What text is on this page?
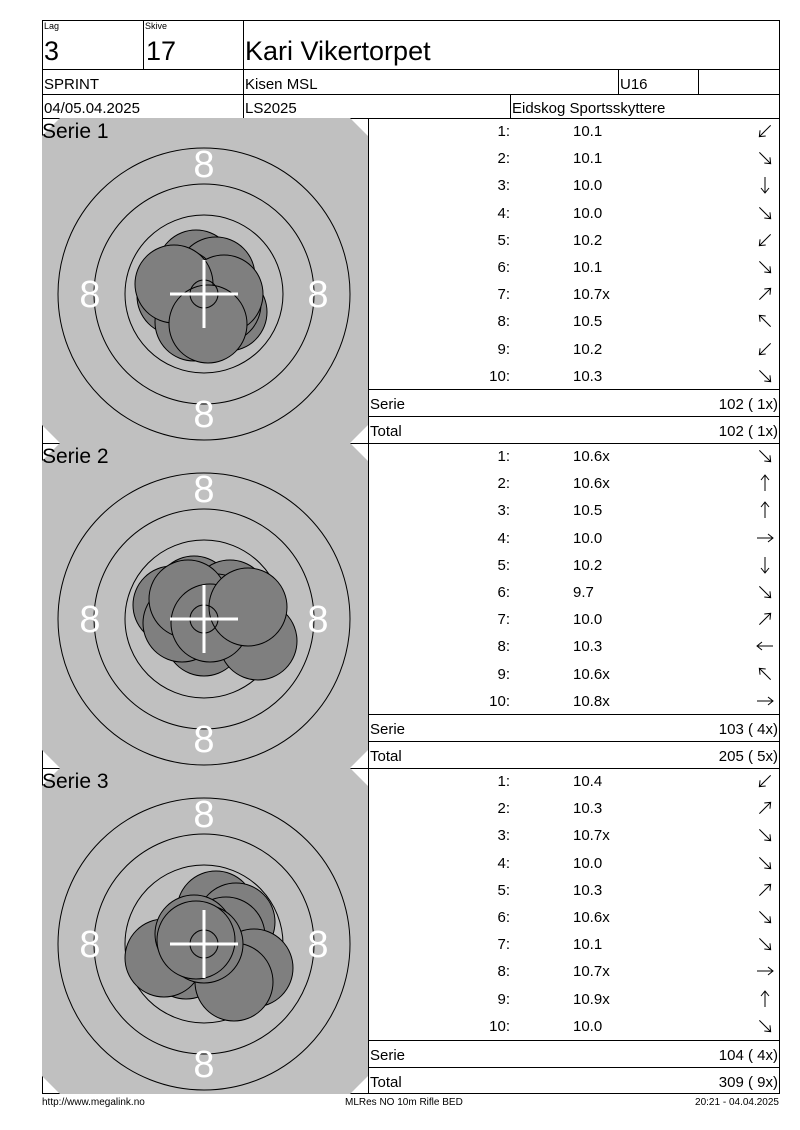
Lag
3
Skive
17	Kari Vikertorpet
SPRINT	Kisen MSL	U16
04/05.04.2025	LS2025	Eidskog Sportsskyttere
8
8
8	8
Serie 1	1:	10.1
2:	10.1
3:	10.0
4:	10.0
5:	10.2
6:	10.1
7:	10.7x
8:	10.5
9:	10.2
10:	10.3
Serie	102 ( 1x)
Total	102 ( 1x)
8
8
8	8
Serie 2	1:	10.6x
2:	10.6x
3:	10.5
4:	10.0
5:	10.2
6:	9.7
7:	10.0
8:	10.3
9:	10.6x
10:	10.8x
Serie	103 ( 4x)
Total	205 ( 5x)
8
8
8	8
Serie 3	1:	10.4
2:	10.3
3:	10.7x
4:	10.0
5:	10.3
6:	10.6x
7:	10.1
8:	10.7x
9:	10.9x
10:	10.0
Serie	104 ( 4x)
Total	309 ( 9x)
http://www.megalink.no	MLRes NO 10m Rifle BED	20:21 - 04.04.2025
